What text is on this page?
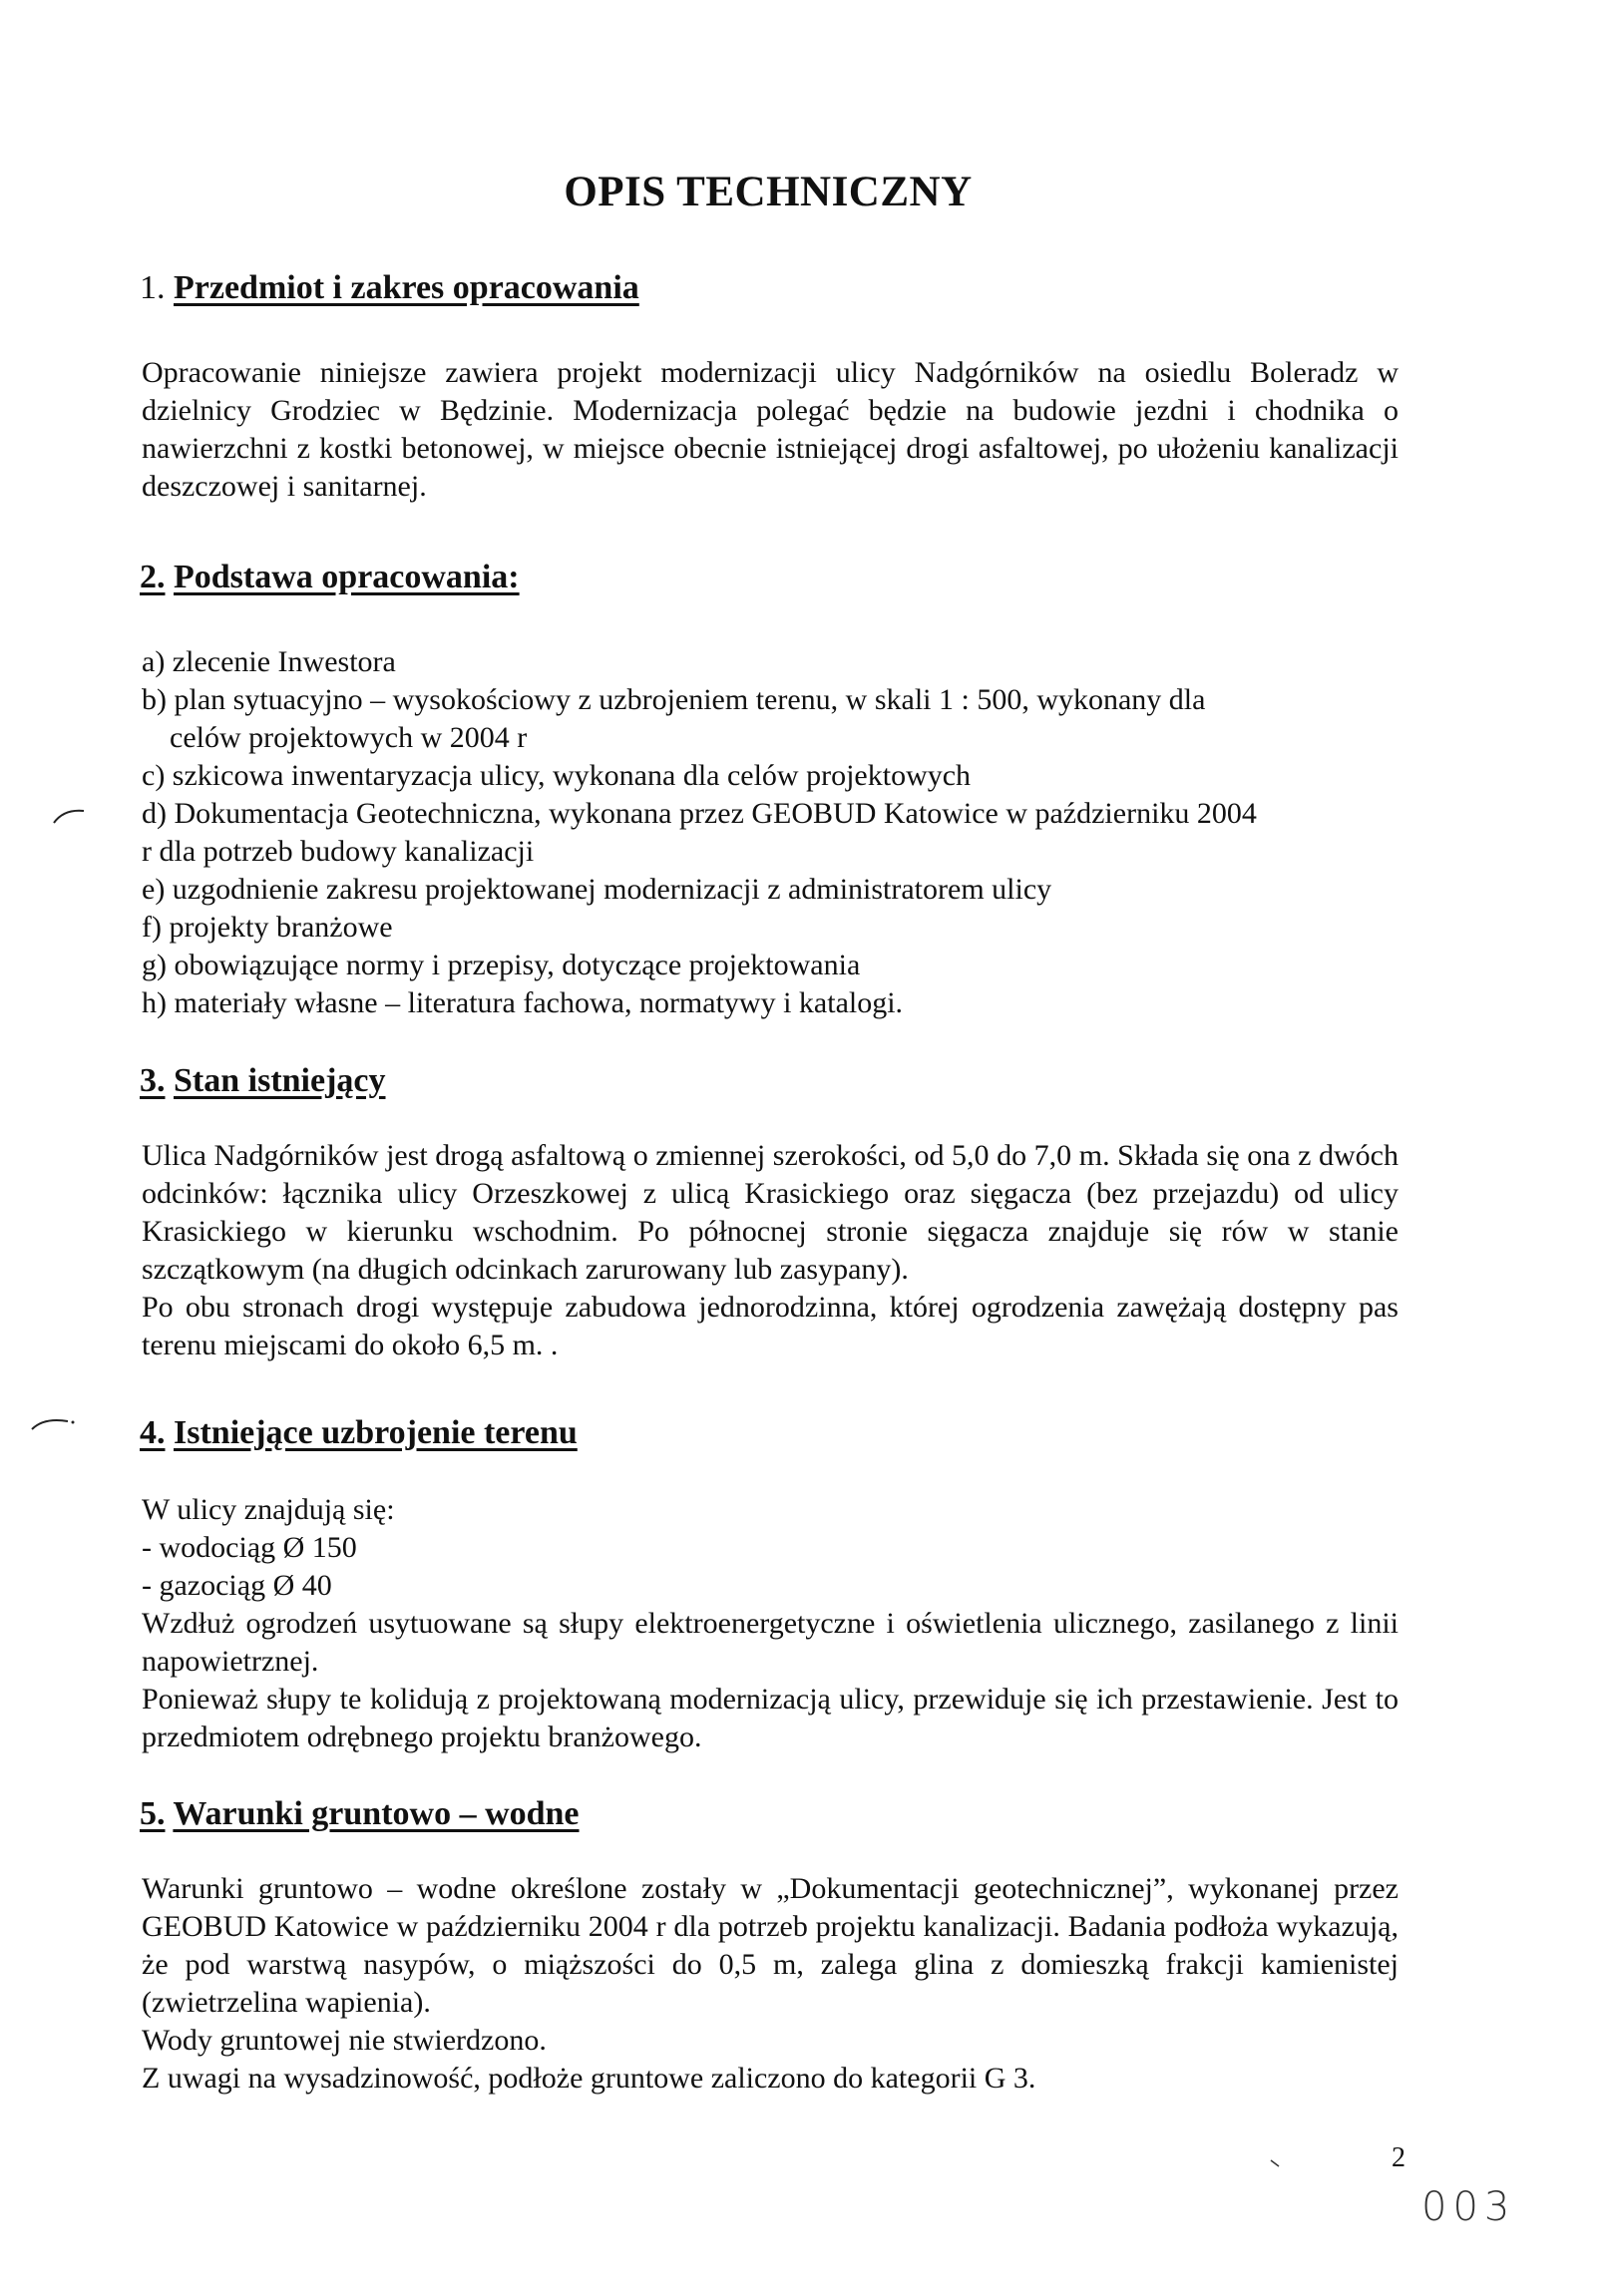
OPIS TECHNICZNY
1. Przedmiot i zakres opracowania

Opracowanie niniejsze zawiera projekt modernizacji ulicy Nadgórników na osiedlu Boleradz w dzielnicy Grodziec w Będzinie. Modernizacja polegać będzie na budowie jezdni i chodnika o nawierzchni z kostki betonowej, w miejsce obecnie istniejącej drogi asfaltowej, po ułożeniu kanalizacji deszczowej i sanitarnej.

2. Podstawa opracowania:
a) zlecenie Inwestora
b) plan sytuacyjno – wysokościowy z uzbrojeniem terenu, w skali 1 : 500, wykonany dla
celów projektowych w 2004 r
c) szkicowa inwentaryzacja ulicy, wykonana dla celów projektowych
d) Dokumentacja Geotechniczna, wykonana przez GEOBUD Katowice w październiku 2004
r dla potrzeb budowy kanalizacji
e) uzgodnienie zakresu projektowanej modernizacji z administratorem ulicy
f) projekty branżowe
g) obowiązujące normy i przepisy, dotyczące projektowania
h) materiały własne – literatura fachowa, normatywy i katalogi.
3. Stan istniejący

Ulica Nadgórników jest drogą asfaltową o zmiennej szerokości, od 5,0 do 7,0 m. Składa się ona z dwóch odcinków: łącznika ulicy Orzeszkowej z ulicą Krasickiego oraz sięgacza (bez przejazdu) od ulicy Krasickiego w kierunku wschodnim. Po północnej stronie sięgacza znajduje się rów w stanie szczątkowym (na długich odcinkach zarurowany lub zasypany).

Po obu stronach drogi występuje zabudowa jednorodzinna, której ogrodzenia zawężają dostępny pas terenu miejscami do około 6,5 m. .

4. Istniejące uzbrojenie terenu

W ulicy znajdują się:

- wodociąg Ø 150

- gazociąg Ø 40

Wzdłuż ogrodzeń usytuowane są słupy elektroenergetyczne i oświetlenia ulicznego, zasilanego z linii napowietrznej.

Ponieważ słupy te kolidują z projektowaną modernizacją ulicy, przewiduje się ich przestawienie. Jest to przedmiotem odrębnego projektu branżowego.

5. Warunki gruntowo – wodne

Warunki gruntowo – wodne określone zostały w „Dokumentacji geotechnicznej”, wykonanej przez GEOBUD Katowice w październiku 2004 r dla potrzeb projektu kanalizacji. Badania podłoża wykazują, że pod warstwą nasypów, o miąższości do 0,5 m, zalega glina z domieszką frakcji kamienistej (zwietrzelina wapienia).

Wody gruntowej nie stwierdzono.

Z uwagi na wysadzinowość, podłoże gruntowe zaliczono do kategorii G 3.

2
003
